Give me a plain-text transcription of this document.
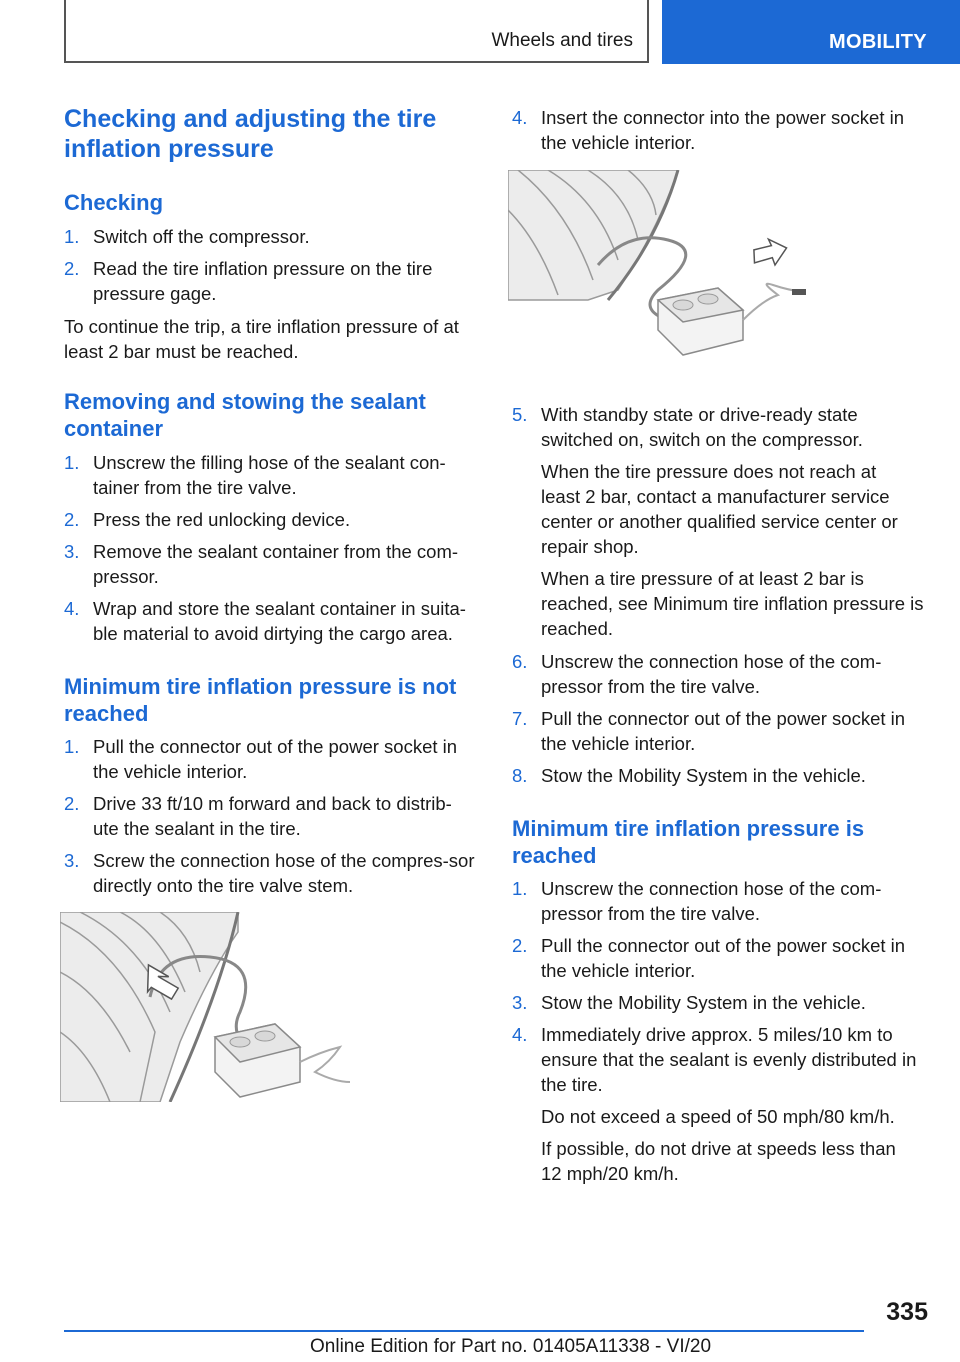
Wheels and tires	MOBILITY
Checking and adjusting the tire inflation pressure
Checking
1. Switch off the compressor.
2. Read the tire inflation pressure on the tire pressure gage.
To continue the trip, a tire inflation pressure of at least 2 bar must be reached.
Removing and stowing the sealant container
1. Unscrew the filling hose of the sealant con‐tainer from the tire valve.
2. Press the red unlocking device.
3. Remove the sealant container from the com‐pressor.
4. Wrap and store the sealant container in suita‐ble material to avoid dirtying the cargo area.
Minimum tire inflation pressure is not reached
1. Pull the connector out of the power socket in the vehicle interior.
2. Drive 33 ft/10 m forward and back to distrib‐ute the sealant in the tire.
3. Screw the connection hose of the compres‐sor directly onto the tire valve stem.
4. Insert the connector into the power socket in the vehicle interior.
5. With standby state or drive-ready state switched on, switch on the compressor.
When the tire pressure does not reach at least 2 bar, contact a manufacturer service center or another qualified service center or repair shop.
When a tire pressure of at least 2 bar is reached, see Minimum tire inflation pressure is reached.
6. Unscrew the connection hose of the com‐pressor from the tire valve.
7. Pull the connector out of the power socket in the vehicle interior.
8. Stow the Mobility System in the vehicle.
Minimum tire inflation pressure is reached
1. Unscrew the connection hose of the com‐pressor from the tire valve.
2. Pull the connector out of the power socket in the vehicle interior.
3. Stow the Mobility System in the vehicle.
4. Immediately drive approx. 5 miles/10 km to ensure that the sealant is evenly distributed in the tire.
Do not exceed a speed of 50 mph/80 km/h.
If possible, do not drive at speeds less than 12 mph/20 km/h.
335
Online Edition for Part no. 01405A11338 - VI/20
